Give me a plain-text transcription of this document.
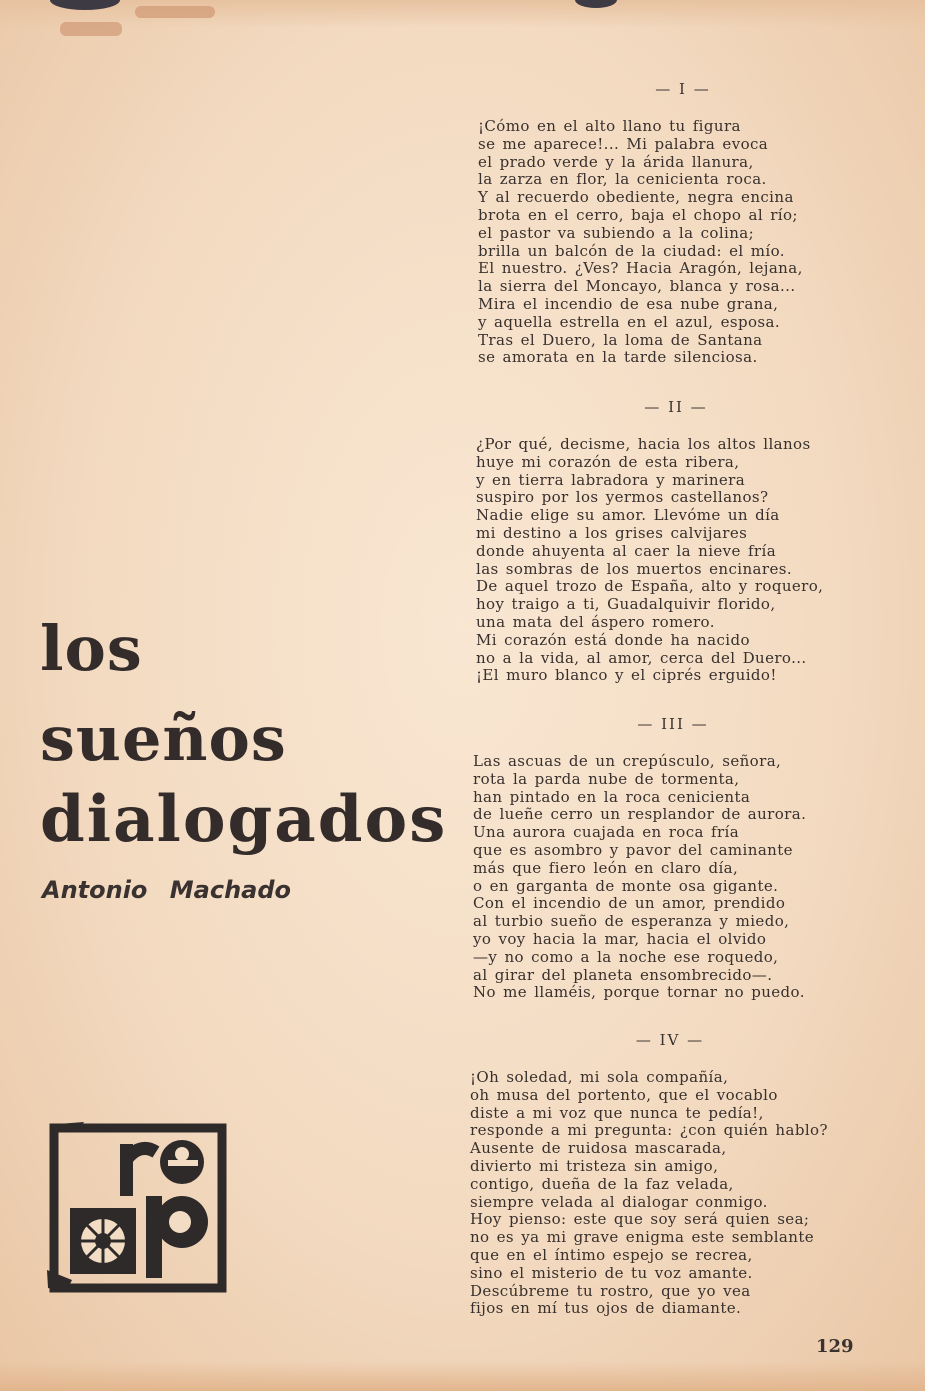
los
sueños
dialogados
Antonio Machado
— I —
¡Cómo en el alto llano tu figura
se me aparece!... Mi palabra evoca
el prado verde y la árida llanura,
la zarza en flor, la cenicienta roca.
Y al recuerdo obediente, negra encina
brota en el cerro, baja el chopo al río;
el pastor va subiendo a la colina;
brilla un balcón de la ciudad: el mío.
El nuestro. ¿Ves? Hacia Aragón, lejana,
la sierra del Moncayo, blanca y rosa...
Mira el incendio de esa nube grana,
y aquella estrella en el azul, esposa.
Tras el Duero, la loma de Santana
se amorata en la tarde silenciosa.
— II —
¿Por qué, decisme, hacia los altos llanos
huye mi corazón de esta ribera,
y en tierra labradora y marinera
suspiro por los yermos castellanos?
Nadie elige su amor. Llevóme un día
mi destino a los grises calvijares
donde ahuyenta al caer la nieve fría
las sombras de los muertos encinares.
De aquel trozo de España, alto y roquero,
hoy traigo a ti, Guadalquivir florido,
una mata del áspero romero.
Mi corazón está donde ha nacido
no a la vida, al amor, cerca del Duero...
¡El muro blanco y el ciprés erguido!
— III —
Las ascuas de un crepúsculo, señora,
rota la parda nube de tormenta,
han pintado en la roca cenicienta
de lueñe cerro un resplandor de aurora.
Una aurora cuajada en roca fría
que es asombro y pavor del caminante
más que fiero león en claro día,
o en garganta de monte osa gigante.
Con el incendio de un amor, prendido
al turbio sueño de esperanza y miedo,
yo voy hacia la mar, hacia el olvido
—y no como a la noche ese roquedo,
al girar del planeta ensombrecido—.
No me llaméis, porque tornar no puedo.
— IV —
¡Oh soledad, mi sola compañía,
oh musa del portento, que el vocablo
diste a mi voz que nunca te pedía!,
responde a mi pregunta: ¿con quién hablo?
Ausente de ruidosa mascarada,
divierto mi tristeza sin amigo,
contigo, dueña de la faz velada,
siempre velada al dialogar conmigo.
Hoy pienso: este que soy será quien sea;
no es ya mi grave enigma este semblante
que en el íntimo espejo se recrea,
sino el misterio de tu voz amante.
Descúbreme tu rostro, que yo vea
fijos en mí tus ojos de diamante.
129
